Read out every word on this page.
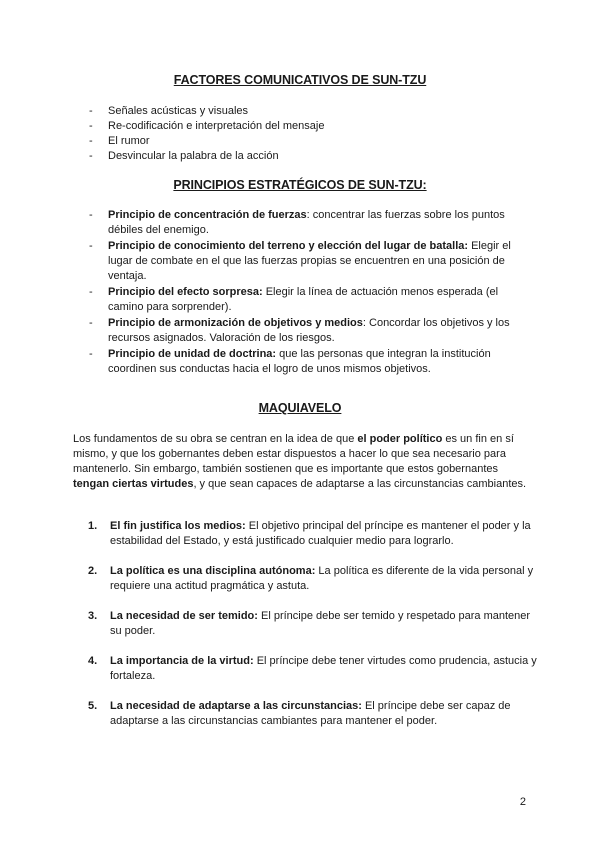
FACTORES COMUNICATIVOS DE SUN-TZU
- Señales acústicas y visuales
- Re-codificación e interpretación del mensaje
- El rumor
- Desvincular la palabra de la acción
PRINCIPIOS ESTRATÉGICOS DE SUN-TZU:
- Principio de concentración de fuerzas: concentrar las fuerzas sobre los puntos débiles del enemigo.
- Principio de conocimiento del terreno y elección del lugar de batalla: Elegir el lugar de combate en el que las fuerzas propias se encuentren en una posición de ventaja.
- Principio del efecto sorpresa: Elegir la línea de actuación menos esperada (el camino para sorprender).
- Principio de armonización de objetivos y medios: Concordar los objetivos y los recursos asignados. Valoración de los riesgos.
- Principio de unidad de doctrina: que las personas que integran la institución coordinen sus conductas hacia el logro de unos mismos objetivos.
MAQUIAVELO

Los fundamentos de su obra se centran en la idea de que el poder político es un fin en sí mismo, y que los gobernantes deben estar dispuestos a hacer lo que sea necesario para mantenerlo. Sin embargo, también sostienen que es importante que estos gobernantes tengan ciertas virtudes, y que sean capaces de adaptarse a las circunstancias cambiantes.

1. El fin justifica los medios: El objetivo principal del príncipe es mantener el poder y la estabilidad del Estado, y está justificado cualquier medio para lograrlo.
2. La política es una disciplina autónoma: La política es diferente de la vida personal y requiere una actitud pragmática y astuta.
3. La necesidad de ser temido: El príncipe debe ser temido y respetado para mantener su poder.
4. La importancia de la virtud: El príncipe debe tener virtudes como prudencia, astucia y fortaleza.
5. La necesidad de adaptarse a las circunstancias: El príncipe debe ser capaz de adaptarse a las circunstancias cambiantes para mantener el poder.
2
